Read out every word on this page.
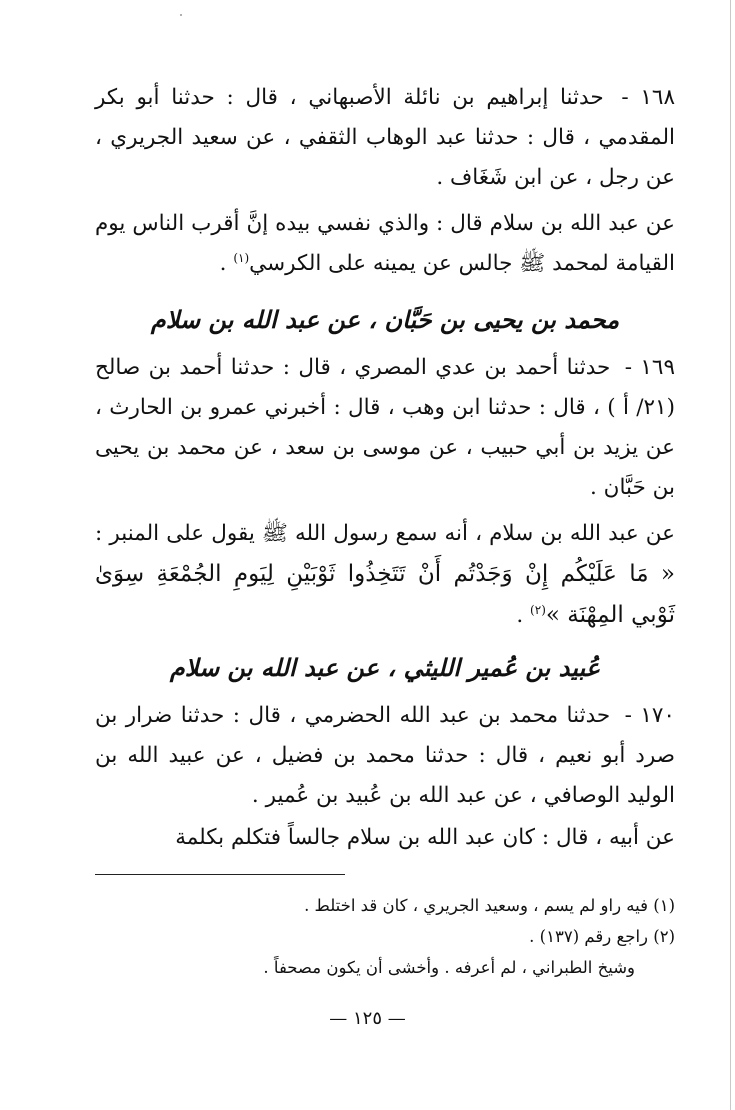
١٦٨ - حدثنا إبراهيم بن نائلة الأصبهاني ، قال : حدثنا أبو بكر المقدمي ، قال : حدثنا عبد الوهاب الثقفي ، عن سعيد الجريري ، عن رجل ، عن ابن شَغَاف .

عن عبد الله بن سلام قال : والذي نفسي بيده إنَّ أقرب الناس يوم القيامة لمحمد ﷺ جالس عن يمينه على الكرسي$^{(١)}$ .

محمد بن يحيى بن حَبَّان ، عن عبد الله بن سلام

١٦٩ - حدثنا أحمد بن عدي المصري ، قال : حدثنا أحمد بن صالح (٢١/ أ ) ، قال : حدثنا ابن وهب ، قال : أخبرني عمرو بن الحارث ، عن يزيد بن أبي حبيب ، عن موسى بن سعد ، عن محمد بن يحيى بن حَبَّان .

عن عبد الله بن سلام ، أنه سمع رسول الله ﷺ يقول على المنبر : « مَا عَلَيْكُم إِنْ وَجَدْتُم أَنْ تَتَخِذُوا ثَوْبَيْنِ لِيَومِ الجُمْعَةِ سِوَىٰ ثَوْبي المِهْنَة »$^{(٢)}$ .

عُبيد بن عُمير الليثي ، عن عبد الله بن سلام

١٧٠ - حدثنا محمد بن عبد الله الحضرمي ، قال : حدثنا ضرار بن صرد أبو نعيم ، قال : حدثنا محمد بن فضيل ، عن عبيد الله بن الوليد الوصافي ، عن عبد الله بن عُبيد بن عُمير .

عن أبيه ، قال : كان عبد الله بن سلام جالساً فتكلم بكلمة

(١) فيه راو لم يسم ، وسعيد الجريري ، كان قد اختلط .

(٢) راجع رقم (١٣٧) .

وشيخ الطبراني ، لم أعرفه . وأخشى أن يكون مصحفاً .

— ١٢٥ —
